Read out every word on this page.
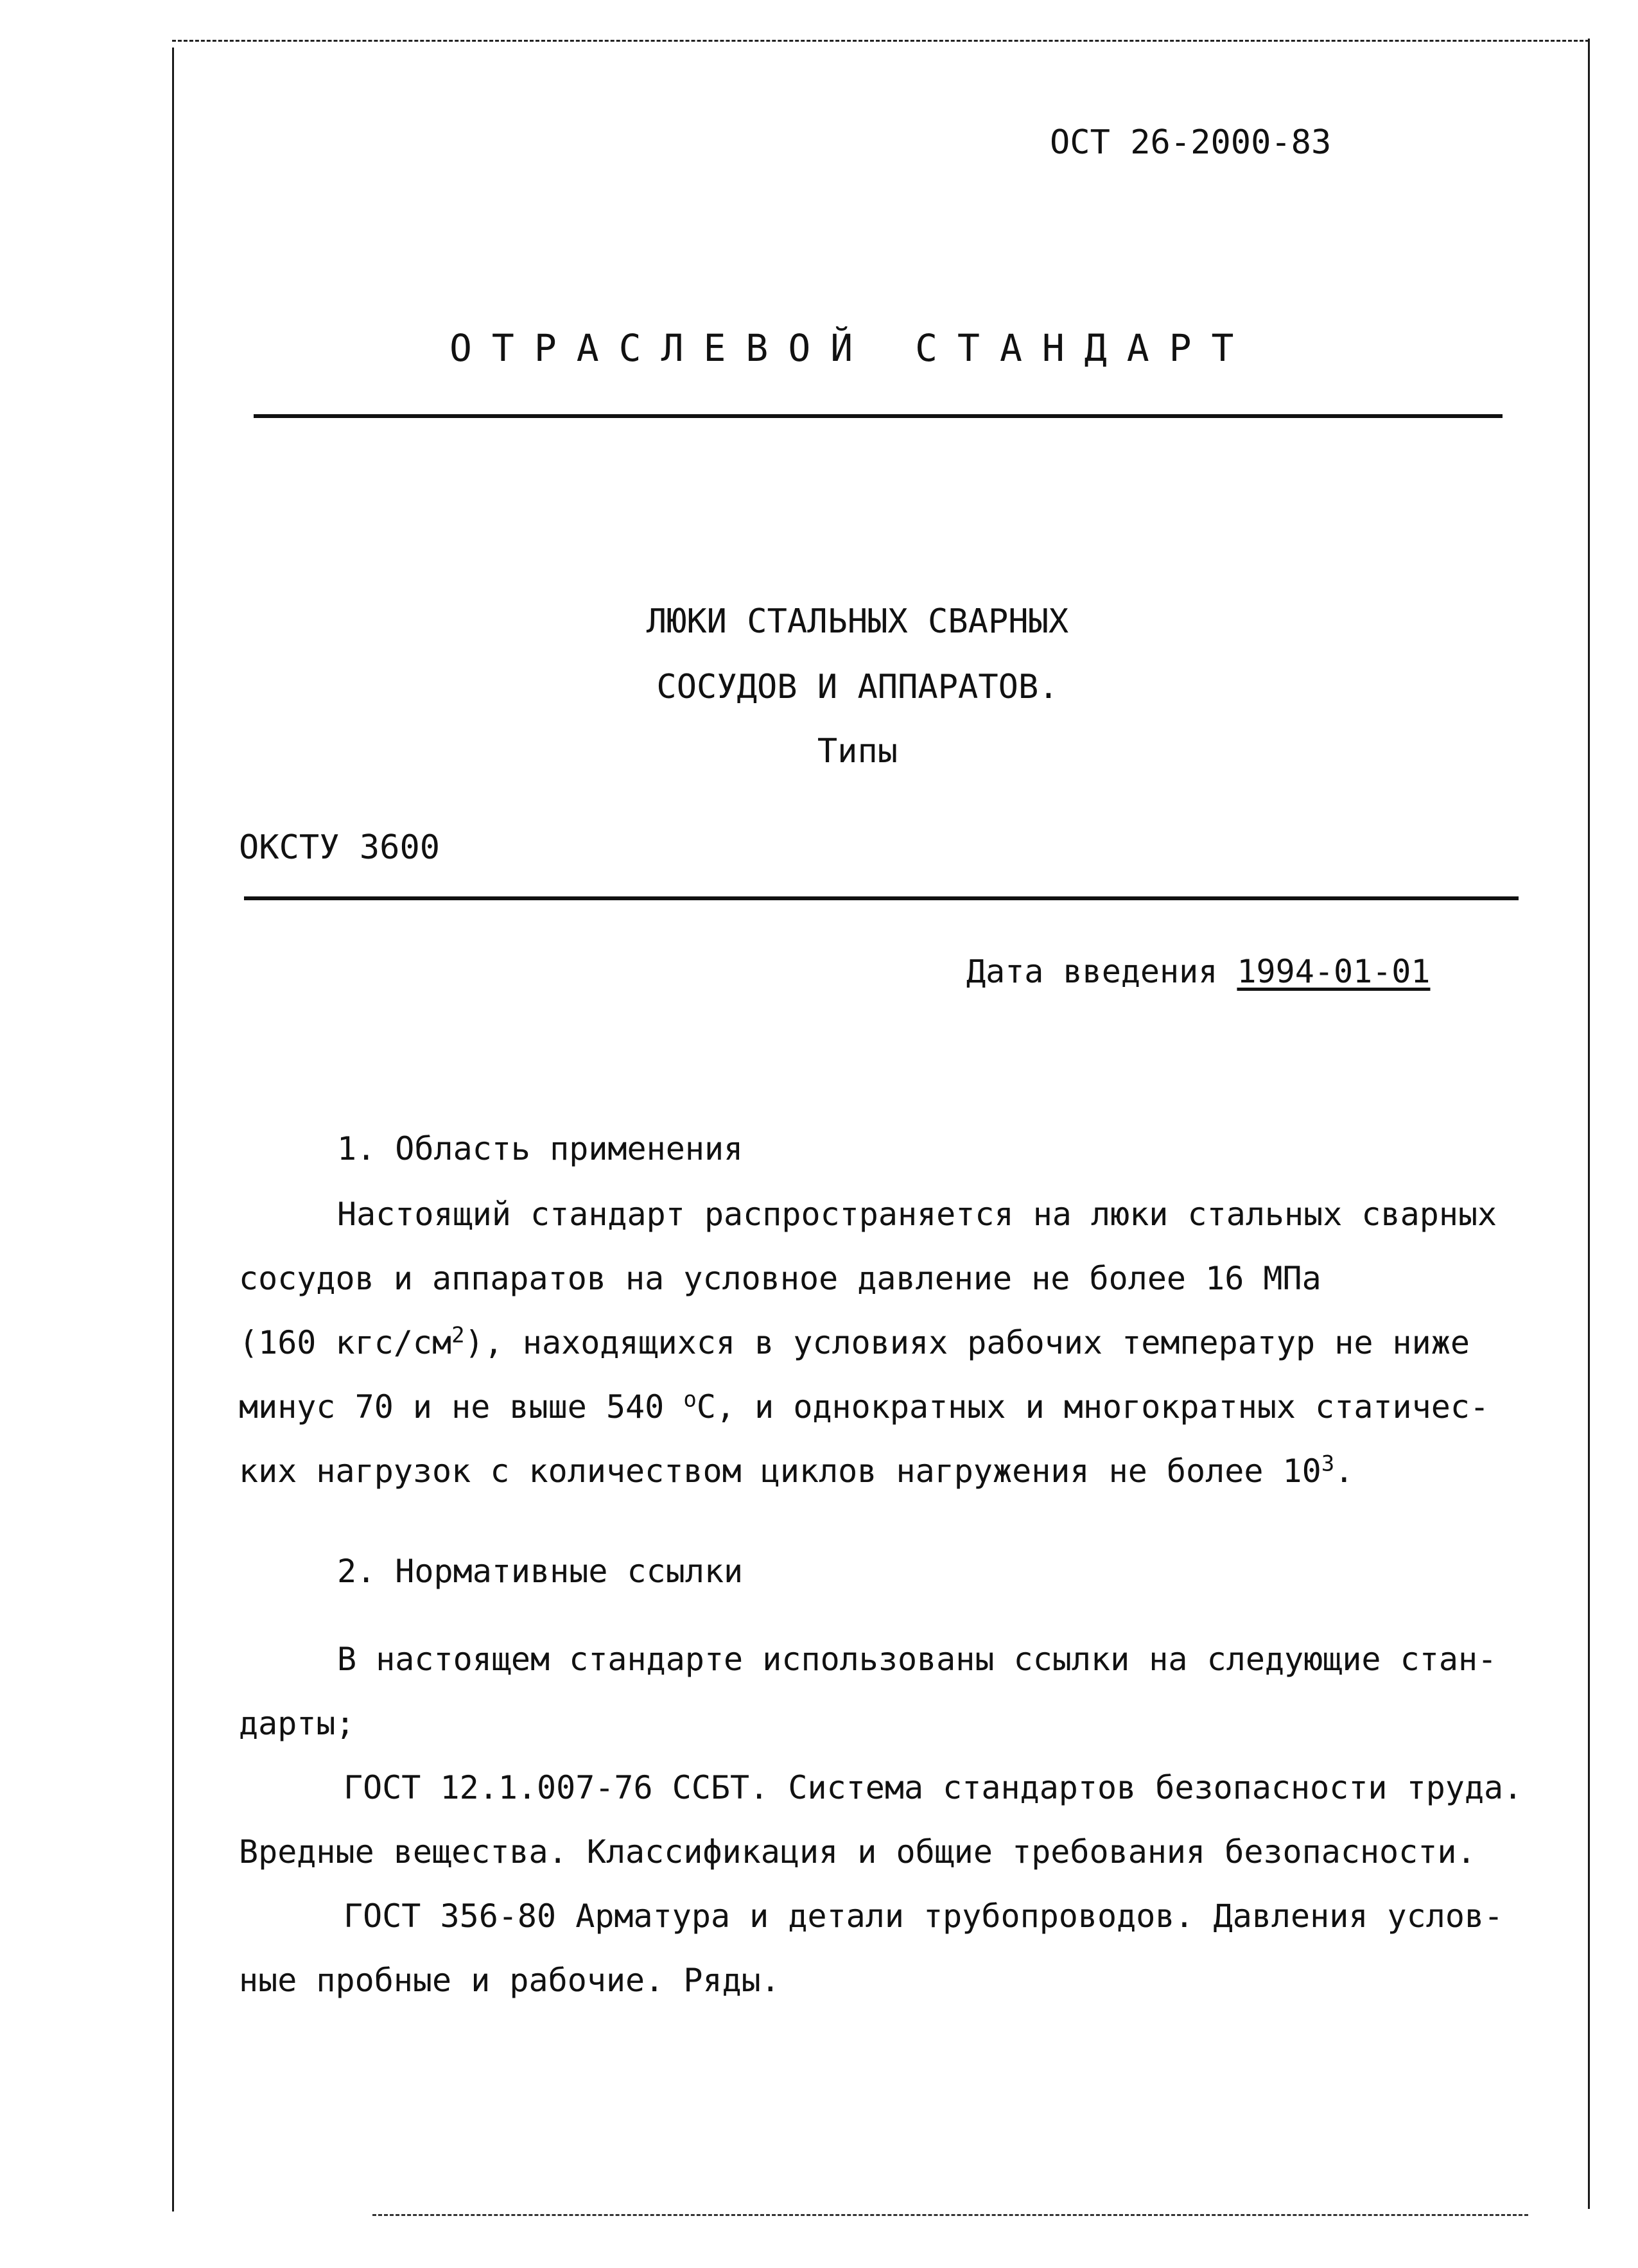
ОСТ 26-2000-83
ОТРАСЛЕВОЙ СТАНДАРТ
ЛЮКИ СТАЛЬНЫХ СВАРНЫХ
СОСУДОВ И АППАРАТОВ.
Типы
ОКСТУ 3600
Дата введения 1994-01-01
1. Область применения
Настоящий стандарт распространяется на люки стальных сварных
сосудов и аппаратов на условное давление не более 16 МПа
(160 кгс/$см^2$), находящихся в условиях рабочих температур не ниже
минус 70 и не выше 540 $^o$С, и однократных и многократных статичес-
ких нагрузок с количеством циклов нагружения не более $10^3$.
2. Нормативные ссылки
В настоящем стандарте использованы ссылки на следующие стан-
дарты;
ГОСТ 12.1.007-76 ССБТ. Система стандартов безопасности труда.
Вредные вещества. Классификация и общие требования безопасности.
ГОСТ 356-80 Арматура и детали трубопроводов. Давления услов-
ные пробные и рабочие. Ряды.
